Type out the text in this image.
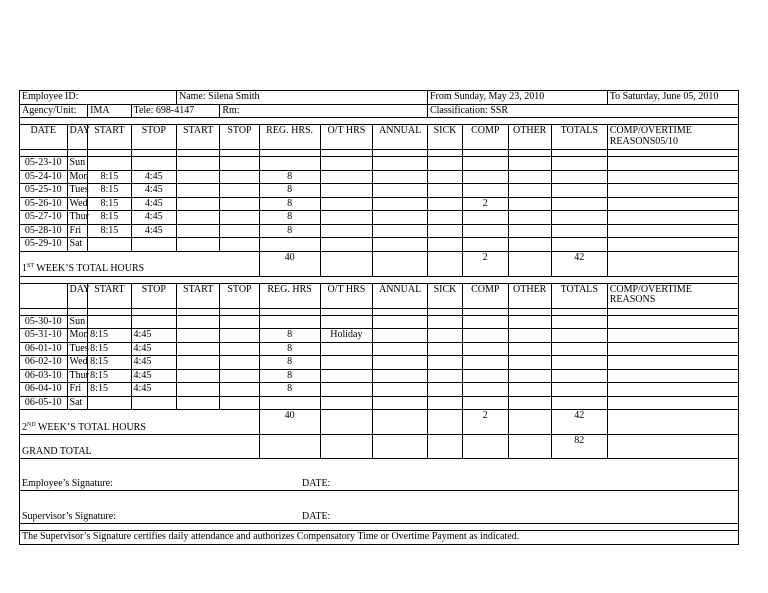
Employee ID:				Name: Silena Smith					From Sunday, May 23, 2010				To Saturday, June 05, 2010
Agency/Unit:		IMA	Tele: 698-4147		Rm:				Classification: SSR				

DATE	DAY	START	STOP	START	STOP	REG. HRS.	O/T HRS	ANNUAL	SICK	COMP	OTHER	TOTALS	COMP/OVERTIME REASONS05/10

05-23-10	Sun												
05-24-10	Mon	8:15	4:45			8							
05-25-10	Tues	8:15	4:45			8							
05-26-10	Wed	8:15	4:45			8				2			
05-27-10	Thur	8:15	4:45			8							
05-28-10	Fri	8:15	4:45			8							
05-29-10	Sat												
1ST WEEK’S TOTAL HOURS						40				2		42	

	DAY	START	STOP	START	STOP	REG. HRS	O/T HRS	ANNUAL	SICK	COMP	OTHER	TOTALS	COMP/OVERTIME REASONS

05-30-10	Sun												
05-31-10	Mon	8:15	4:45			8	Holiday						
06-01-10	Tues	8:15	4:45			8							
06-02-10	Wed	8:15	4:45			8							
06-03-10	Thur	8:15	4:45			8							
06-04-10	Fri	8:15	4:45			8							
06-05-10	Sat												
2ND WEEK’S TOTAL HOURS						40				2		42	
GRAND TOTAL												82	
Employee’s Signature: DATE:													
Supervisor’s Signature: DATE:													

The Supervisor’s Signature certifies daily attendance and authorizes Compensatory Time or Overtime Payment as indicated.													
